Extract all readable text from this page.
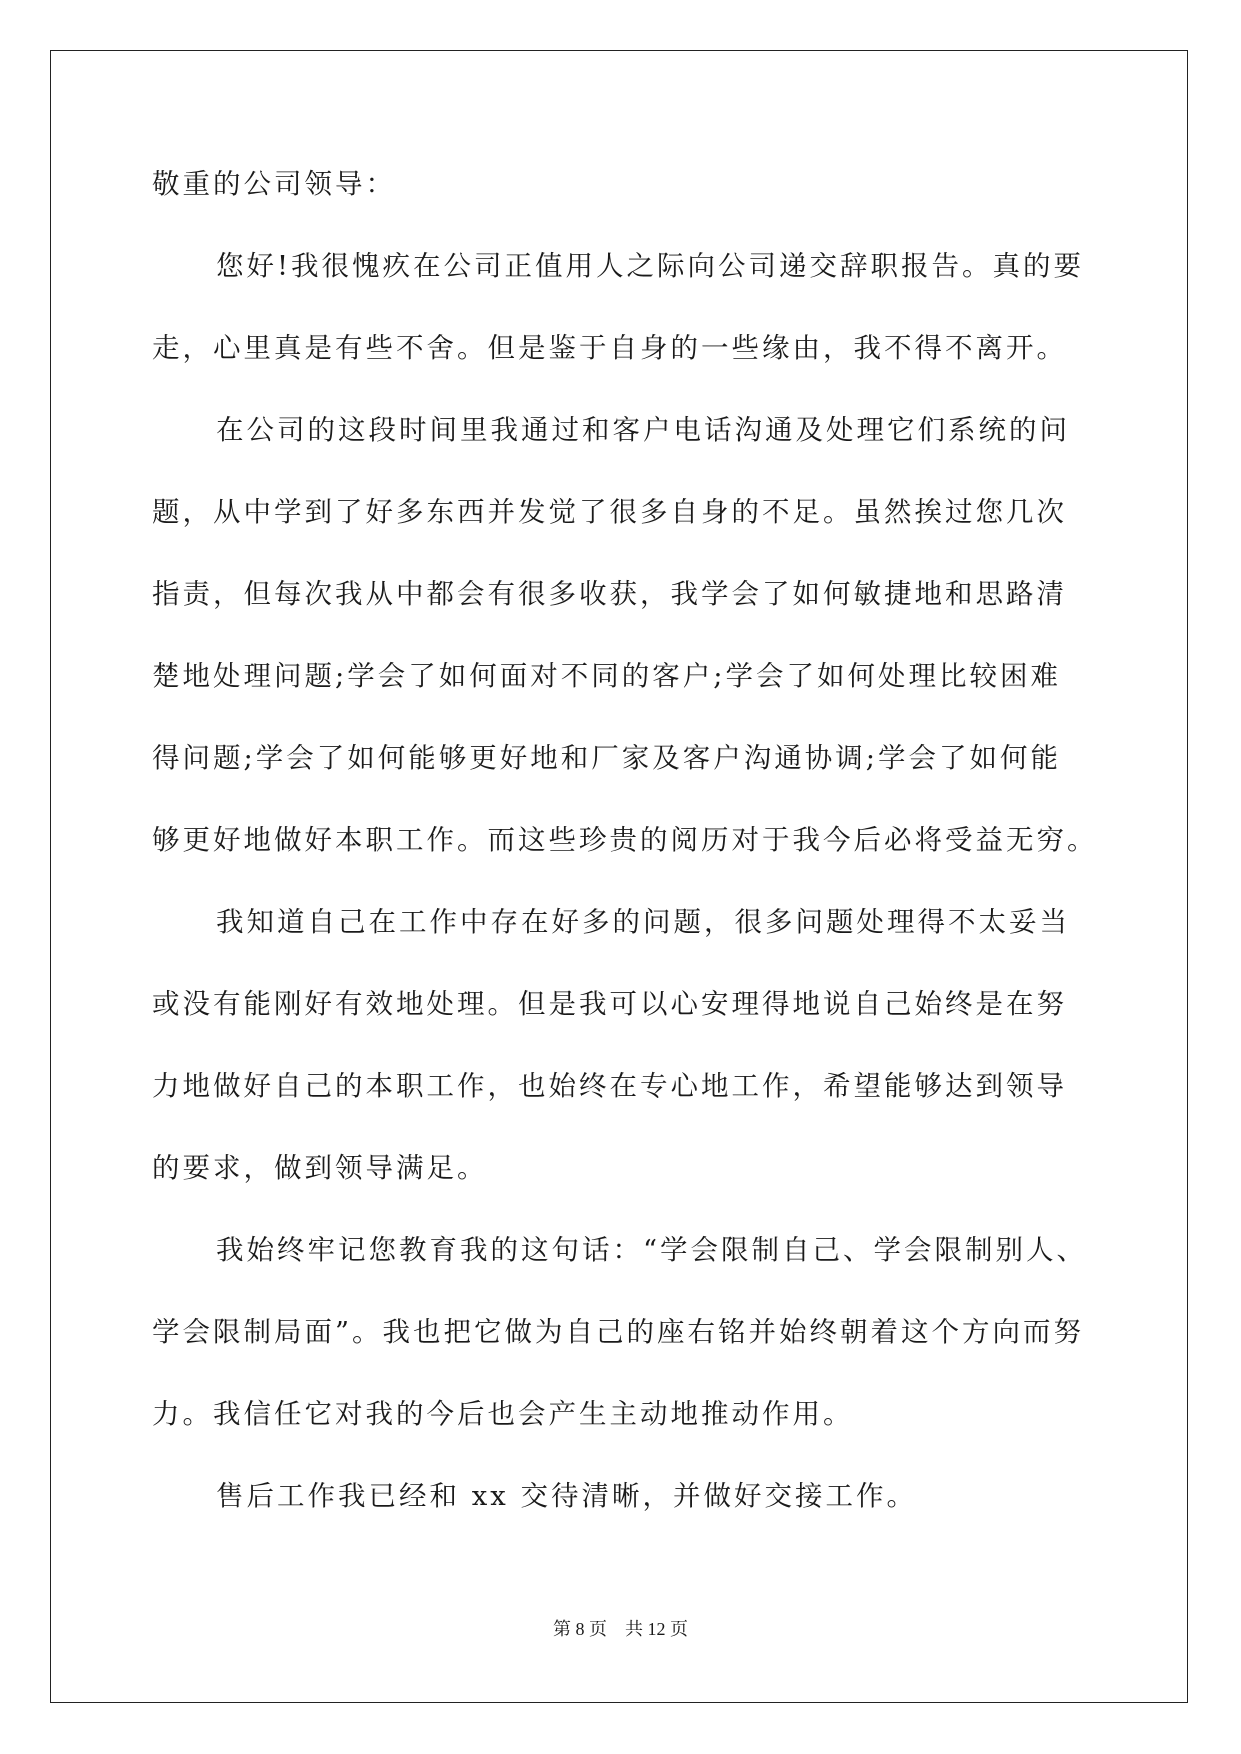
敬重的公司领导：

您好!我很愧疚在公司正值用人之际向公司递交辞职报告。真的要
走，心里真是有些不舍。但是鉴于自身的一些缘由，我不得不离开。
在公司的这段时间里我通过和客户电话沟通及处理它们系统的问
题，从中学到了好多东西并发觉了很多自身的不足。虽然挨过您几次
指责，但每次我从中都会有很多收获，我学会了如何敏捷地和思路清
楚地处理问题;学会了如何面对不同的客户;学会了如何处理比较困难
得问题;学会了如何能够更好地和厂家及客户沟通协调;学会了如何能
够更好地做好本职工作。而这些珍贵的阅历对于我今后必将受益无穷。
我知道自己在工作中存在好多的问题，很多问题处理得不太妥当
或没有能刚好有效地处理。但是我可以心安理得地说自己始终是在努
力地做好自己的本职工作，也始终在专心地工作，希望能够达到领导
的要求，做到领导满足。
我始终牢记您教育我的这句话：“学会限制自己、学会限制别人、
学会限制局面”。我也把它做为自己的座右铭并始终朝着这个方向而努
力。我信任它对我的今后也会产生主动地推动作用。
售后工作我已经和 xx 交待清晰，并做好交接工作。
第 8 页　共 12 页
